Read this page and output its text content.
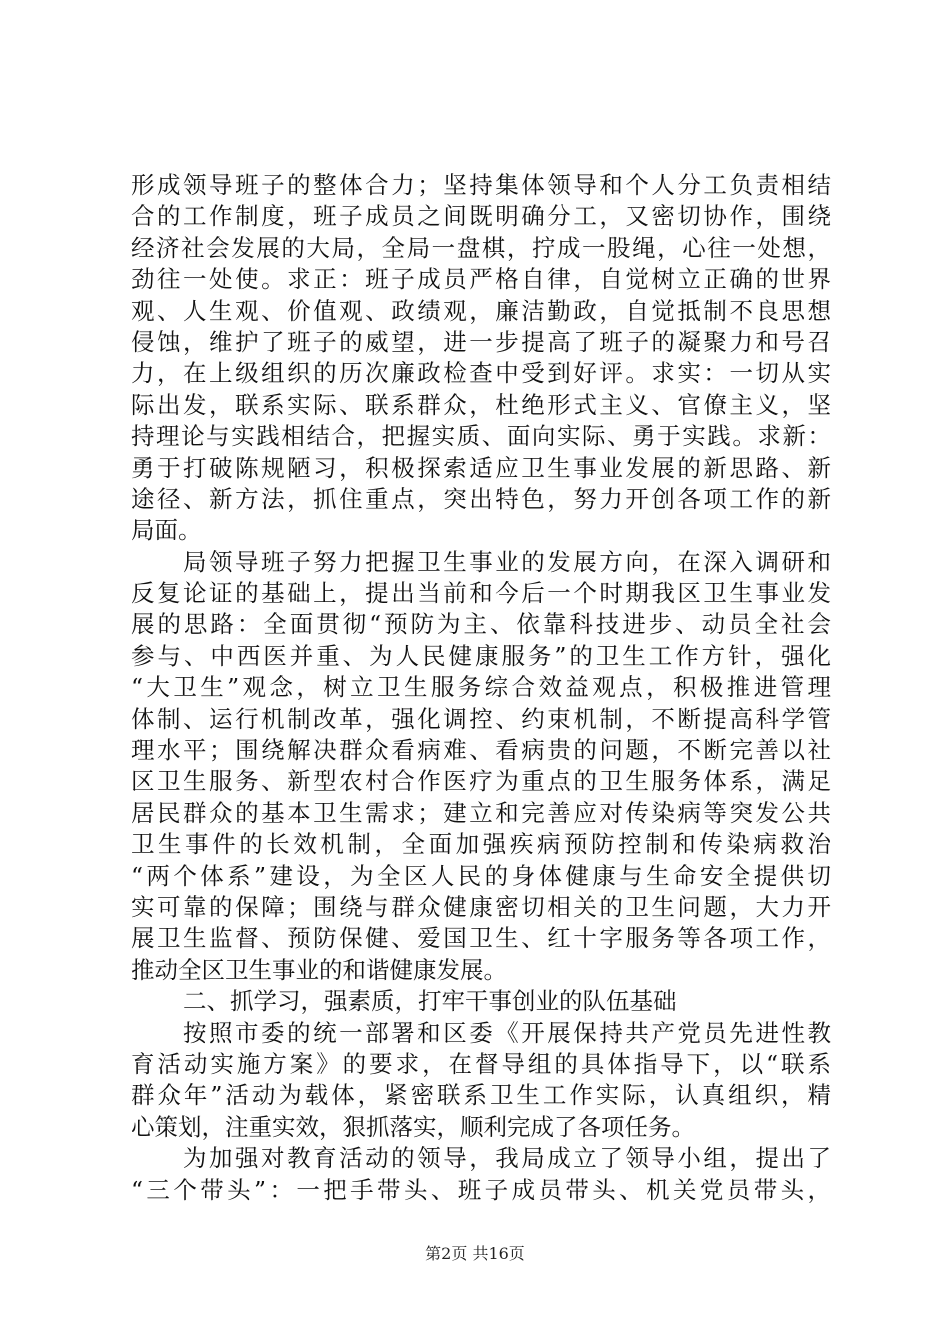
形成领导班子的整体合力；坚持集体领导和个人分工负责相结
合的工作制度，班子成员之间既明确分工，又密切协作，围绕
经济社会发展的大局，全局一盘棋，拧成一股绳，心往一处想，
劲往一处使。求正：班子成员严格自律，自觉树立正确的世界
观、人生观、价值观、政绩观，廉洁勤政，自觉抵制不良思想
侵蚀，维护了班子的威望，进一步提高了班子的凝聚力和号召
力，在上级组织的历次廉政检查中受到好评。求实：一切从实
际出发，联系实际、联系群众，杜绝形式主义、官僚主义，坚
持理论与实践相结合，把握实质、面向实际、勇于实践。求新：
勇于打破陈规陋习，积极探索适应卫生事业发展的新思路、新
途径、新方法，抓住重点，突出特色，努力开创各项工作的新
局面。
局领导班子努力把握卫生事业的发展方向，在深入调研和
反复论证的基础上，提出当前和今后一个时期我区卫生事业发
展的思路：全面贯彻“预防为主、依靠科技进步、动员全社会
参与、中西医并重、为人民健康服务”的卫生工作方针，强化
“大卫生”观念，树立卫生服务综合效益观点，积极推进管理
体制、运行机制改革，强化调控、约束机制，不断提高科学管
理水平；围绕解决群众看病难、看病贵的问题，不断完善以社
区卫生服务、新型农村合作医疗为重点的卫生服务体系，满足
居民群众的基本卫生需求；建立和完善应对传染病等突发公共
卫生事件的长效机制，全面加强疾病预防控制和传染病救治
“两个体系”建设，为全区人民的身体健康与生命安全提供切
实可靠的保障；围绕与群众健康密切相关的卫生问题，大力开
展卫生监督、预防保健、爱国卫生、红十字服务等各项工作，
推动全区卫生事业的和谐健康发展。
二、抓学习，强素质，打牢干事创业的队伍基础
按照市委的统一部署和区委《开展保持共产党员先进性教
育活动实施方案》的要求，在督导组的具体指导下，以“联系
群众年”活动为载体，紧密联系卫生工作实际，认真组织，精
心策划，注重实效，狠抓落实，顺利完成了各项任务。
为加强对教育活动的领导，我局成立了领导小组，提出了
“三个带头”：一把手带头、班子成员带头、机关党员带头，
第2页 共16页
